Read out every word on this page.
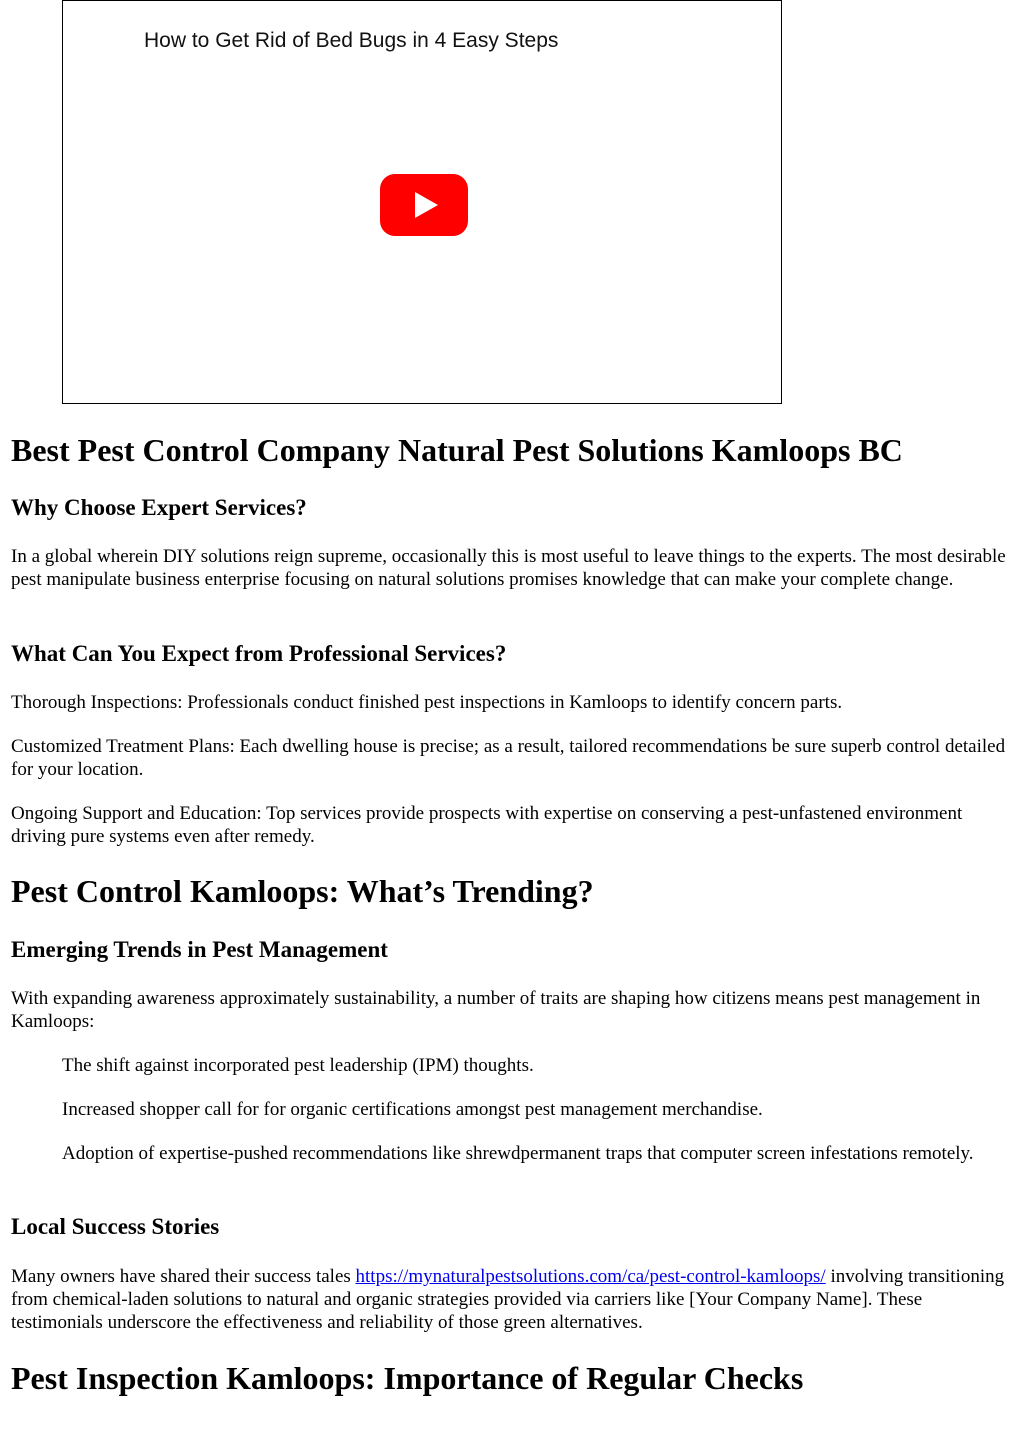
How to Get Rid of Bed Bugs in 4 Easy Steps
Best Pest Control Company Natural Pest Solutions Kamloops BC
Why Choose Expert Services?

In a global wherein DIY solutions reign supreme, occasionally this is most useful to leave things to the experts. The most desirable pest manipulate business enterprise focusing on natural solutions promises knowledge that can make your complete change.

What Can You Expect from Professional Services?

Thorough Inspections: Professionals conduct finished pest inspections in Kamloops to identify concern parts.

Customized Treatment Plans: Each dwelling house is precise; as a result, tailored recommendations be sure superb control detailed for your location.

Ongoing Support and Education: Top services provide prospects with expertise on conserving a pest-unfastened environment driving pure systems even after remedy.

Pest Control Kamloops: What’s Trending?
Emerging Trends in Pest Management

With expanding awareness approximately sustainability, a number of traits are shaping how citizens means pest management in Kamloops:

The shift against incorporated pest leadership (IPM) thoughts.

Increased shopper call for for organic certifications amongst pest management merchandise.

Adoption of expertise-pushed recommendations like shrewdpermanent traps that computer screen infestations remotely.

Local Success Stories

Many owners have shared their success tales https://mynaturalpestsolutions.com/ca/pest-control-kamloops/ involving transitioning from chemical-laden solutions to natural and organic strategies provided via carriers like [Your Company Name]. These testimonials underscore the effectiveness and reliability of those green alternatives.

Pest Inspection Kamloops: Importance of Regular Checks
